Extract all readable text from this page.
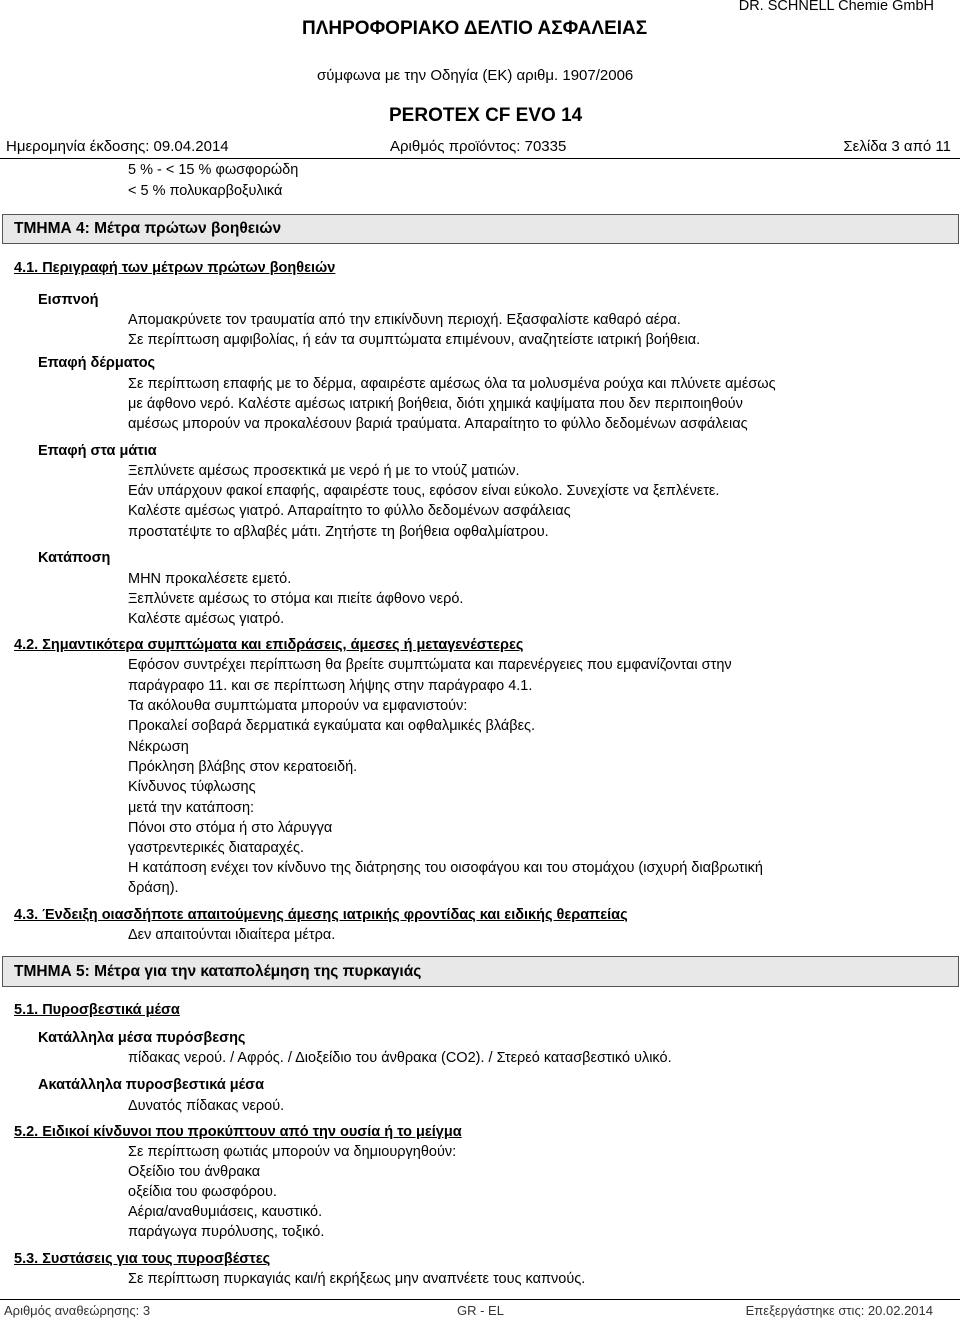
ΠΛΗΡΟΦΟΡΙΑΚΟ ΔΕΛΤΙΟ ΑΣΦΑΛΕΙΑΣ
DR. SCHNELL Chemie GmbH
σύμφωνα με την Οδηγία (ΕΚ) αριθμ. 1907/2006
PEROTEX CF EVO 14
Ημερομηνία έκδοσης: 09.04.2014	Αριθμός προϊόντος: 70335	Σελίδα 3 από 11
5 % - < 15 % φωσφορώδη
< 5 % πολυκαρβοξυλικά
ΤΜΗΜΑ 4: Μέτρα πρώτων βοηθειών
4.1. Περιγραφή των μέτρων πρώτων βοηθειών
Εισπνοή
Απομακρύνετε τον τραυματία από την επικίνδυνη περιοχή. Εξασφαλίστε καθαρό αέρα.
Σε περίπτωση αμφιβολίας, ή εάν τα συμπτώματα επιμένουν, αναζητείστε ιατρική βοήθεια.
Επαφή δέρματος
Σε περίπτωση επαφής με το δέρμα, αφαιρέστε αμέσως όλα τα μολυσμένα ρούχα και πλύνετε αμέσως
με άφθονο νερό. Καλέστε αμέσως ιατρική βοήθεια, διότι χημικά καψίματα που δεν περιποιηθούν
αμέσως μπορούν να προκαλέσουν βαριά τραύματα. Απαραίτητο το φύλλο δεδομένων ασφάλειας
Επαφή στα μάτια
Ξεπλύνετε αμέσως προσεκτικά με νερό ή με το ντούζ ματιών.
Εάν υπάρχουν φακοί επαφής, αφαιρέστε τους, εφόσον είναι εύκολο. Συνεχίστε να ξεπλένετε.
Καλέστε αμέσως γιατρό. Απαραίτητο το φύλλο δεδομένων ασφάλειας
προστατέψτε το αβλαβές μάτι. Ζητήστε τη βοήθεια οφθαλμίατρου.
Κατάποση
ΜΗΝ προκαλέσετε εμετό.
Ξεπλύνετε αμέσως το στόμα και πιείτε άφθονο νερό.
Καλέστε αμέσως γιατρό.
4.2. Σημαντικότερα συμπτώματα και επιδράσεις, άμεσες ή μεταγενέστερες
Εφόσον συντρέχει περίπτωση θα βρείτε συμπτώματα και παρενέργειες που εμφανίζονται στην
παράγραφο 11. και σε περίπτωση λήψης στην παράγραφο 4.1.
Τα ακόλουθα συμπτώματα μπορούν να εμφανιστούν:
Προκαλεί σοβαρά δερματικά εγκαύματα και οφθαλμικές βλάβες.
Νέκρωση
Πρόκληση βλάβης στον κερατοειδή.
Κίνδυνος τύφλωσης
μετά την κατάποση:
Πόνοι στο στόμα ή στο λάρυγγα
γαστρεντερικές διαταραχές.
Η κατάποση ενέχει τον κίνδυνο της διάτρησης του οισοφάγου και του στομάχου (ισχυρή διαβρωτική
δράση).
4.3. Ένδειξη οιασδήποτε απαιτούμενης άμεσης ιατρικής φροντίδας και ειδικής θεραπείας
Δεν απαιτούνται ιδιαίτερα μέτρα.
ΤΜΗΜΑ 5: Μέτρα για την καταπολέμηση της πυρκαγιάς
5.1. Πυροσβεστικά μέσα
Κατάλληλα μέσα πυρόσβεσης
πίδακας νερού. / Αφρός. / Διοξείδιο του άνθρακα (CO2). / Στερεό κατασβεστικό υλικό.
Ακατάλληλα πυροσβεστικά μέσα
Δυνατός πίδακας νερού.
5.2. Ειδικοί κίνδυνοι που προκύπτουν από την ουσία ή το μείγμα
Σε περίπτωση φωτιάς μπορούν να δημιουργηθούν:
Οξείδιο του άνθρακα
οξείδια του φωσφόρου.
Αέρια/αναθυμιάσεις, καυστικό.
παράγωγα πυρόλυσης, τοξικό.
5.3. Συστάσεις για τους πυροσβέστες
Σε περίπτωση πυρκαγιάς και/ή εκρήξεως μην αναπνέετε τους καπνούς.
Αριθμός αναθεώρησης: 3	GR - EL	Επεξεργάστηκε στις: 20.02.2014
